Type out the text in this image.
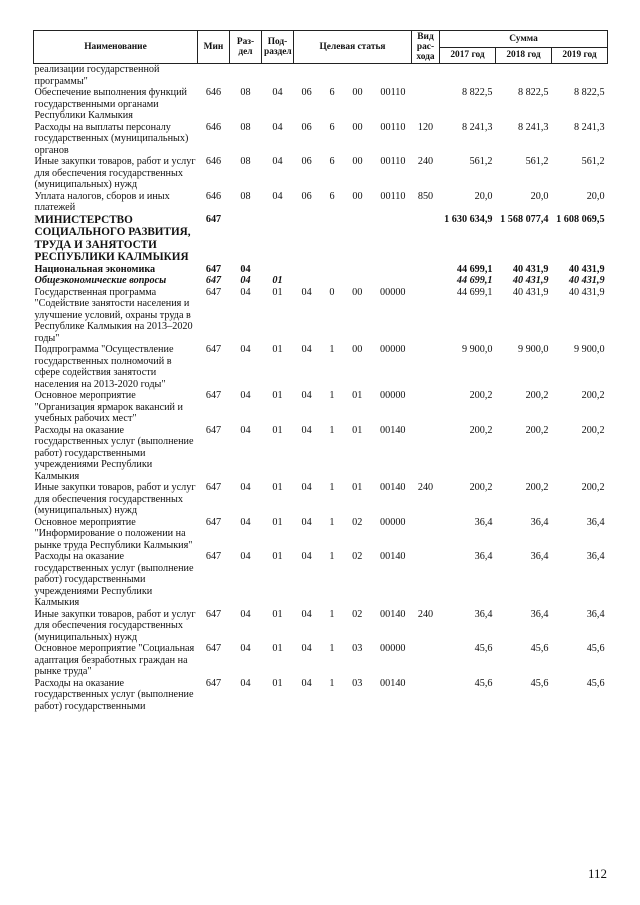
Наименование	Мин	Раз-дел	Под-раздел	Целевая статья	Вид рас-хода	Сумма		
						2017 год	2018 год	2019 год
реализации государственной программы"				

Обеспечение выполнения функций государственными органами Республики Калмыкия	646	08	04	06 6 00 00110		8 822,5	8 822,5	8 822,5
Расходы на выплаты персоналу государственных (муниципальных) органов	646	08	04	06 6 00 00110	120	8 241,3	8 241,3	8 241,3
Иные закупки товаров, работ и услуг для обеспечения государственных (муниципальных) нужд	646	08	04	06 6 00 00110	240	561,2	561,2	561,2
Уплата налогов, сборов и иных платежей	646	08	04	06 6 00 00110	850	20,0	20,0	20,0
МИНИСТЕРСТВО СОЦИАЛЬНОГО РАЗВИТИЯ, ТРУДА И ЗАНЯТОСТИ РЕСПУБЛИКИ КАЛМЫКИЯ	647					1 630 634,9	1 568 077,4	1 608 069,5
Национальная экономика	647	04				44 699,1	40 431,9	40 431,9
Общеэкономические вопросы	647	04	01			44 699,1	40 431,9	40 431,9
Государственная программа "Содействие занятости населения и улучшение условий, охраны труда в Республике Калмыкия на 2013–2020 годы"	647	04	01	04 0 00 00000		44 699,1	40 431,9	40 431,9
Подпрограмма "Осуществление государственных полномочий в сфере содействия занятости населения на 2013-2020 годы"	647	04	01	04 1 00 00000		9 900,0	9 900,0	9 900,0
Основное мероприятие "Организация ярмарок вакансий и учебных рабочих мест"	647	04	01	04 1 01 00000		200,2	200,2	200,2
Расходы на оказание государственных услуг (выполнение работ) государственными учреждениями Республики Калмыкия	647	04	01	04 1 01 00140		200,2	200,2	200,2
Иные закупки товаров, работ и услуг для обеспечения государственных (муниципальных) нужд	647	04	01	04 1 01 00140	240	200,2	200,2	200,2
Основное мероприятие "Информирование о положении на рынке труда Республики Калмыкия"	647	04	01	04 1 02 00000		36,4	36,4	36,4
Расходы на оказание государственных услуг (выполнение работ) государственными учреждениями Республики Калмыкия	647	04	01	04 1 02 00140		36,4	36,4	36,4
Иные закупки товаров, работ и услуг для обеспечения государственных (муниципальных) нужд	647	04	01	04 1 02 00140	240	36,4	36,4	36,4
Основное мероприятие "Социальная адаптация безработных граждан на рынке труда"	647	04	01	04 1 03 00000		45,6	45,6	45,6
Расходы на оказание государственных услуг (выполнение работ) государственными	647	04	01	04 1 03 00140		45,6	45,6	45,6
112
